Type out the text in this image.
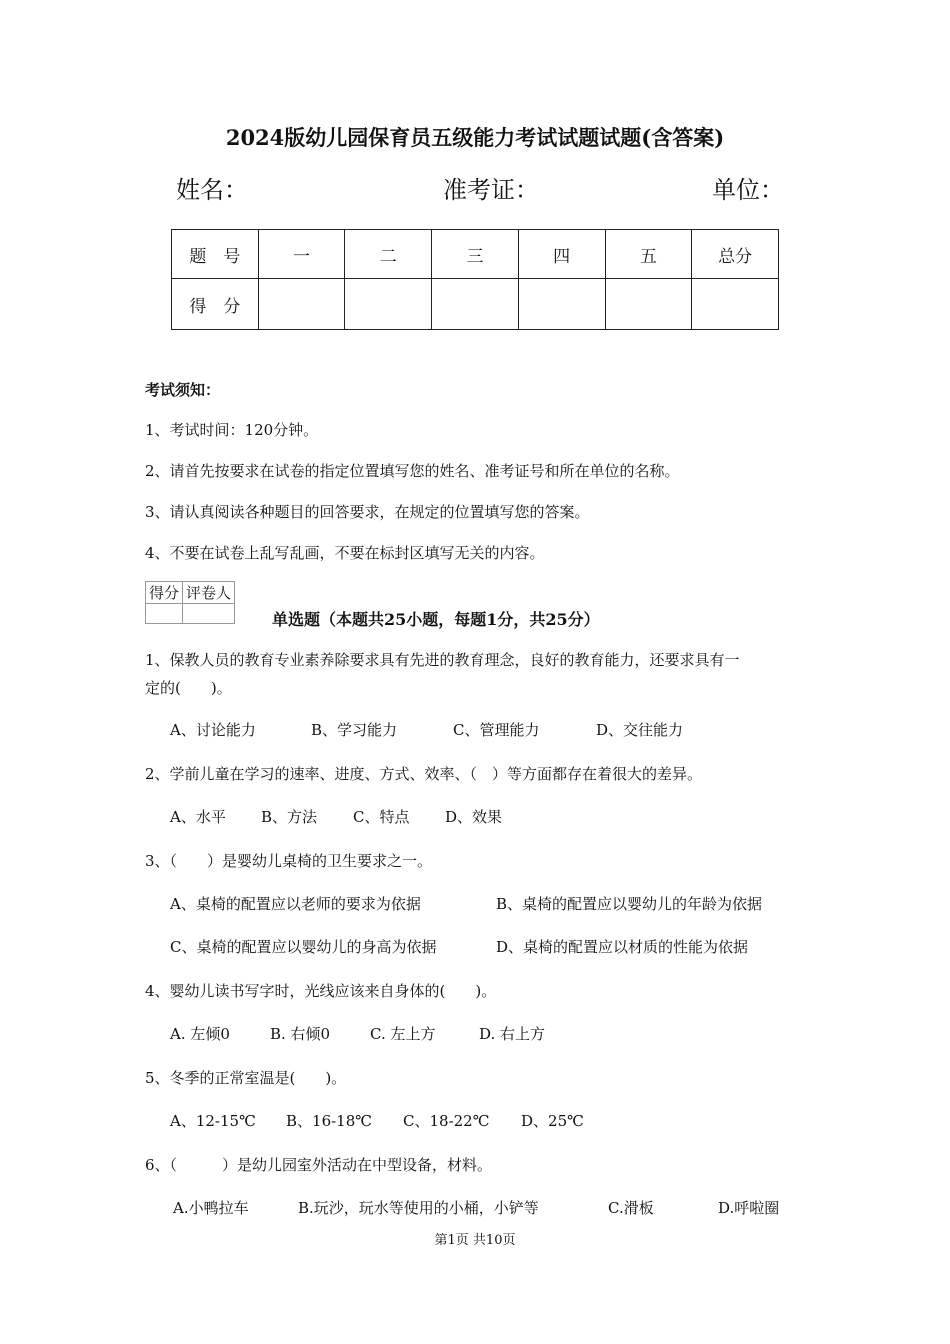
2024版幼儿园保育员五级能力考试试题试题(含答案)
姓名：	准考证：	单位：
题　号	一	二	三	四	五	总分
得　分						
考试须知：
1、考试时间：120分钟。
2、请首先按要求在试卷的指定位置填写您的姓名、准考证号和所在单位的名称。
3、请认真阅读各种题目的回答要求，在规定的位置填写您的答案。
4、不要在试卷上乱写乱画，不要在标封区填写无关的内容。
得分	评卷人

单选题（本题共25小题，每题1分，共25分）
1、保教人员的教育专业素养除要求具有先进的教育理念，良好的教育能力，还要求具有一
定的(　　)。
A、讨论能力	B、学习能力	C、管理能力	D、交往能力
2、学前儿童在学习的速率、进度、方式、效率、（　）等方面都存在着很大的差异。
A、水平 B、方法 C、特点 D、效果
3、（　　）是婴幼儿桌椅的卫生要求之一。
A、桌椅的配置应以老师的要求为依据	B、桌椅的配置应以婴幼儿的年龄为依据
C、桌椅的配置应以婴幼儿的身高为依据	D、桌椅的配置应以材质的性能为依据
4、婴幼儿读书写字时，光线应该来自身体的(　　)。
A. 左倾0	B. 右倾0	C. 左上方	D. 右上方
5、冬季的正常室温是(　　)。
A、12-15℃ B、16-18℃ C、18-22℃ D、25℃
6、（　　　）是幼儿园室外活动在中型设备，材料。
A.小鸭拉车	B.玩沙，玩水等使用的小桶，小铲等	C.滑板	D.呼啦圈
第1页 共10页
